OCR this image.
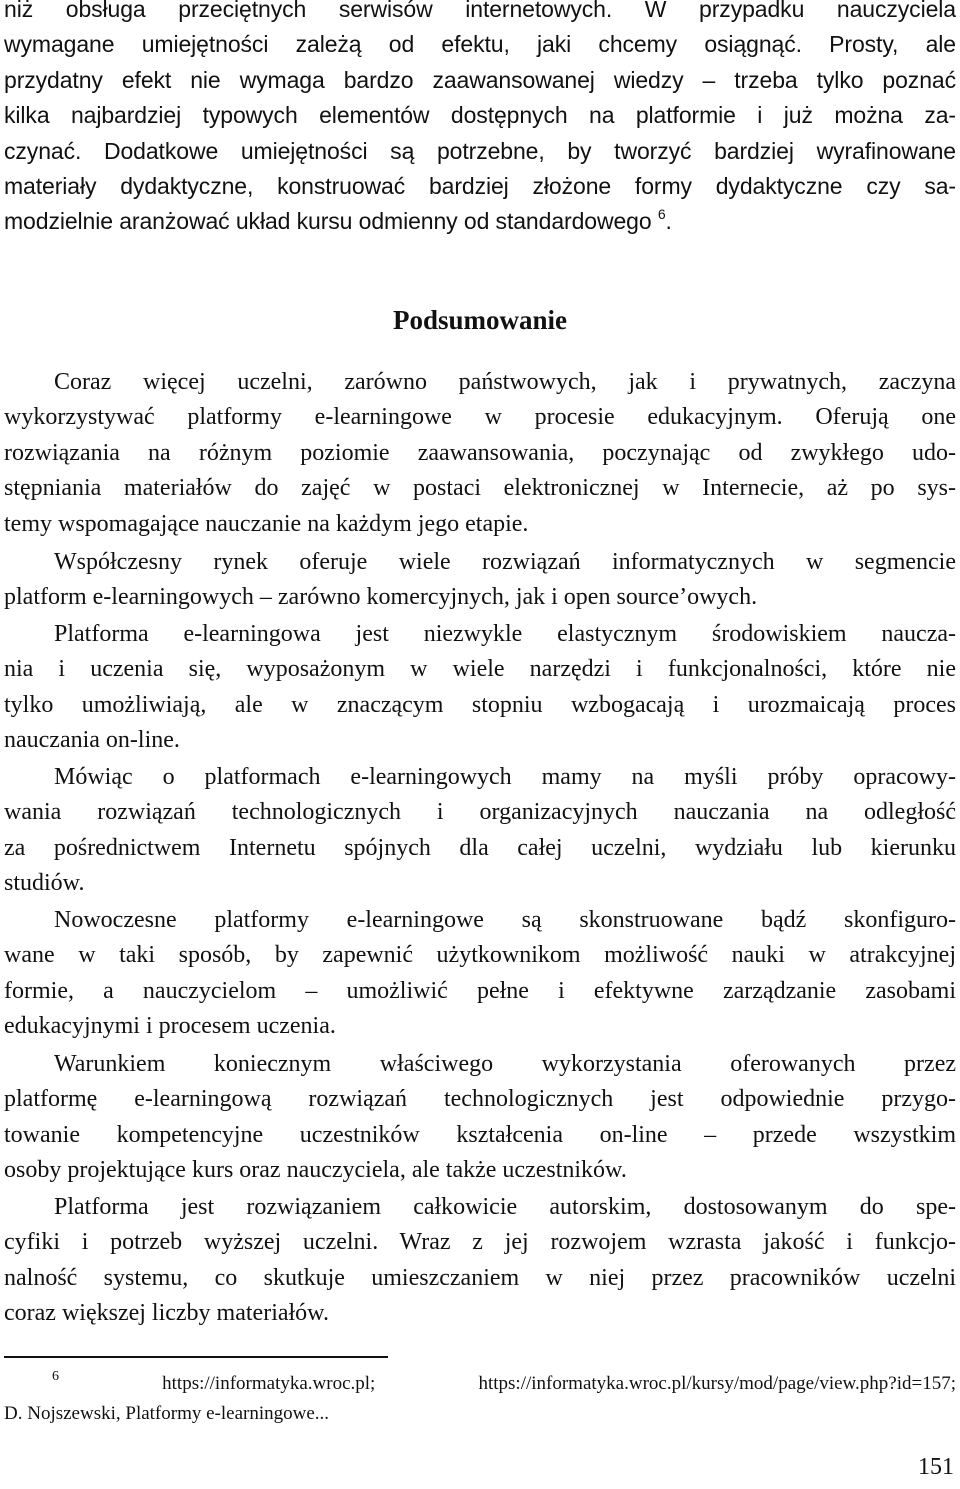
niż obsługa przeciętnych serwisów internetowych. W przypadku nauczyciela
wymagane umiejętności zależą od efektu, jaki chcemy osiągnąć. Prosty, ale
przydatny efekt nie wymaga bardzo zaawansowanej wiedzy – trzeba tylko poznać
kilka najbardziej typowych elementów dostępnych na platformie i już można za-
czynać. Dodatkowe umiejętności są potrzebne, by tworzyć bardziej wyrafinowane
materiały dydaktyczne, konstruować bardziej złożone formy dydaktyczne czy sa-
modzielnie aranżować układ kursu odmienny od standardowego $^6$.
Podsumowanie
Coraz więcej uczelni, zarówno państwowych, jak i prywatnych, zaczyna
wykorzystywać platformy e-learningowe w procesie edukacyjnym. Oferują one
rozwiązania na różnym poziomie zaawansowania, poczynając od zwykłego udo-
stępniania materiałów do zajęć w postaci elektronicznej w Internecie, aż po sys-
temy wspomagające nauczanie na każdym jego etapie.
Współczesny rynek oferuje wiele rozwiązań informatycznych w segmencie
platform e-learningowych – zarówno komercyjnych, jak i open source’owych.
Platforma e-learningowa jest niezwykle elastycznym środowiskiem naucza-
nia i uczenia się, wyposażonym w wiele narzędzi i funkcjonalności, które nie
tylko umożliwiają, ale w znaczącym stopniu wzbogacają i urozmaicają proces
nauczania on-line.
Mówiąc o platformach e-learningowych mamy na myśli próby opracowy-
wania rozwiązań technologicznych i organizacyjnych nauczania na odległość
za pośrednictwem Internetu spójnych dla całej uczelni, wydziału lub kierunku
studiów.
Nowoczesne platformy e-learningowe są skonstruowane bądź skonfiguro-
wane w taki sposób, by zapewnić użytkownikom możliwość nauki w atrakcyjnej
formie, a nauczycielom – umożliwić pełne i efektywne zarządzanie zasobami
edukacyjnymi i procesem uczenia.
Warunkiem koniecznym właściwego wykorzystania oferowanych przez
platformę e-learningową rozwiązań technologicznych jest odpowiednie przygo-
towanie kompetencyjne uczestników kształcenia on-line – przede wszystkim
osoby projektujące kurs oraz nauczyciela, ale także uczestników.
Platforma jest rozwiązaniem całkowicie autorskim, dostosowanym do spe-
cyfiki i potrzeb wyższej uczelni. Wraz z jej rozwojem wzrasta jakość i funkcjo-
nalność systemu, co skutkuje umieszczaniem w niej przez pracowników uczelni
coraz większej liczby materiałów.
$^6$	https://informatyka.wroc.pl; https://informatyka.wroc.pl/kursy/mod/page/view.php?id=157;
D. Nojszewski, Platformy e-learningowe...
151
